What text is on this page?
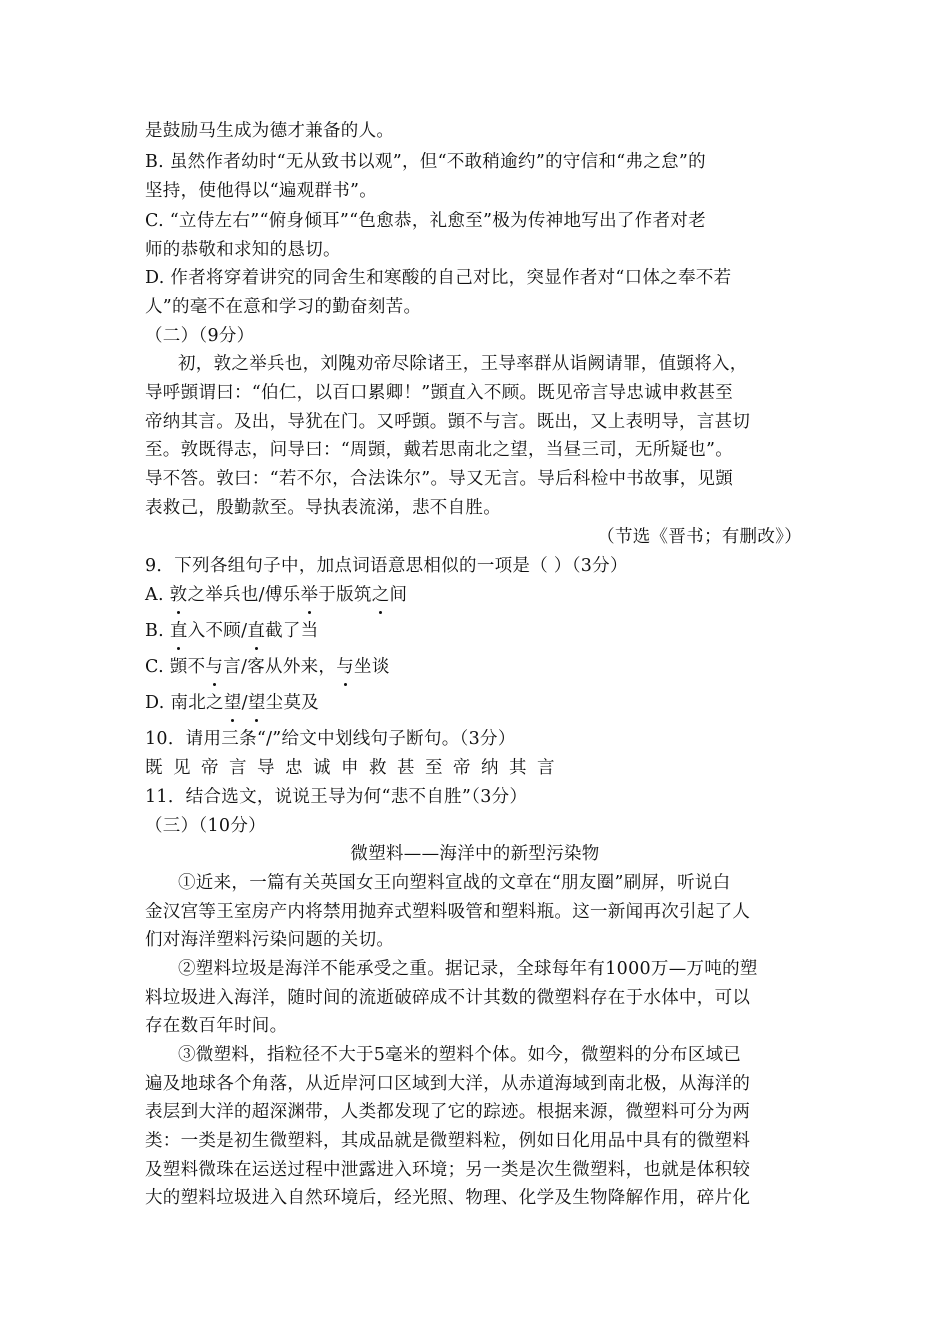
是鼓励马生成为德才兼备的人。
B. 虽然作者幼时“无从致书以观”，但“不敢稍逾约”的守信和“弗之怠”的
坚持，使他得以“遍观群书”。
C. “立侍左右”“俯身倾耳”“色愈恭，礼愈至”极为传神地写出了作者对老
师的恭敬和求知的恳切。
D. 作者将穿着讲究的同舍生和寒酸的自己对比，突显作者对“口体之奉不若
人”的毫不在意和学习的勤奋刻苦。
（二）（9分）
初，敦之举兵也，刘隗劝帝尽除诸王，王导率群从诣阙请罪，值顗将入，
导呼顗谓曰：“伯仁，以百口累卿！”顗直入不顾。既见帝言导忠诚申救甚至
帝纳其言。及出，导犹在门。又呼顗。顗不与言。既出，又上表明导，言甚切
至。敦既得志，问导曰：“周顗，戴若思南北之望，当昼三司，无所疑也”。
导不答。敦曰：“若不尔，合法诛尔”。导又无言。导后科检中书故事，见顗
表救己，殷勤款至。导执表流涕，悲不自胜。
（节选《晋书；有删改》）
9．下列各组句子中，加点词语意思相似的一项是（ ）（3分）
A. 敦之举兵也/傅乐举于版筑之间
B. 直入不顾/直截了当
C. 顗不与言/客从外来，与坐谈
D. 南北之望/望尘莫及
10．请用三条“/”给文中划线句子断句。（3分）
既见帝言导忠诚申救甚至帝纳其言
11．结合选文，说说王导为何“悲不自胜”（3分）
（三）（10分）
微塑料——海洋中的新型污染物
①近来，一篇有关英国女王向塑料宣战的文章在“朋友圈”刷屏，听说白
金汉宫等王室房产内将禁用抛弃式塑料吸管和塑料瓶。这一新闻再次引起了人
们对海洋塑料污染问题的关切。
②塑料垃圾是海洋不能承受之重。据记录，全球每年有1000万—万吨的塑
料垃圾进入海洋，随时间的流逝破碎成不计其数的微塑料存在于水体中，可以
存在数百年时间。
③微塑料，指粒径不大于5毫米的塑料个体。如今，微塑料的分布区域已
遍及地球各个角落，从近岸河口区域到大洋，从赤道海域到南北极，从海洋的
表层到大洋的超深渊带，人类都发现了它的踪迹。根据来源，微塑料可分为两
类：一类是初生微塑料，其成品就是微塑料粒，例如日化用品中具有的微塑料
及塑料微珠在运送过程中泄露进入环境；另一类是次生微塑料，也就是体积较
大的塑料垃圾进入自然环境后，经光照、物理、化学及生物降解作用，碎片化
